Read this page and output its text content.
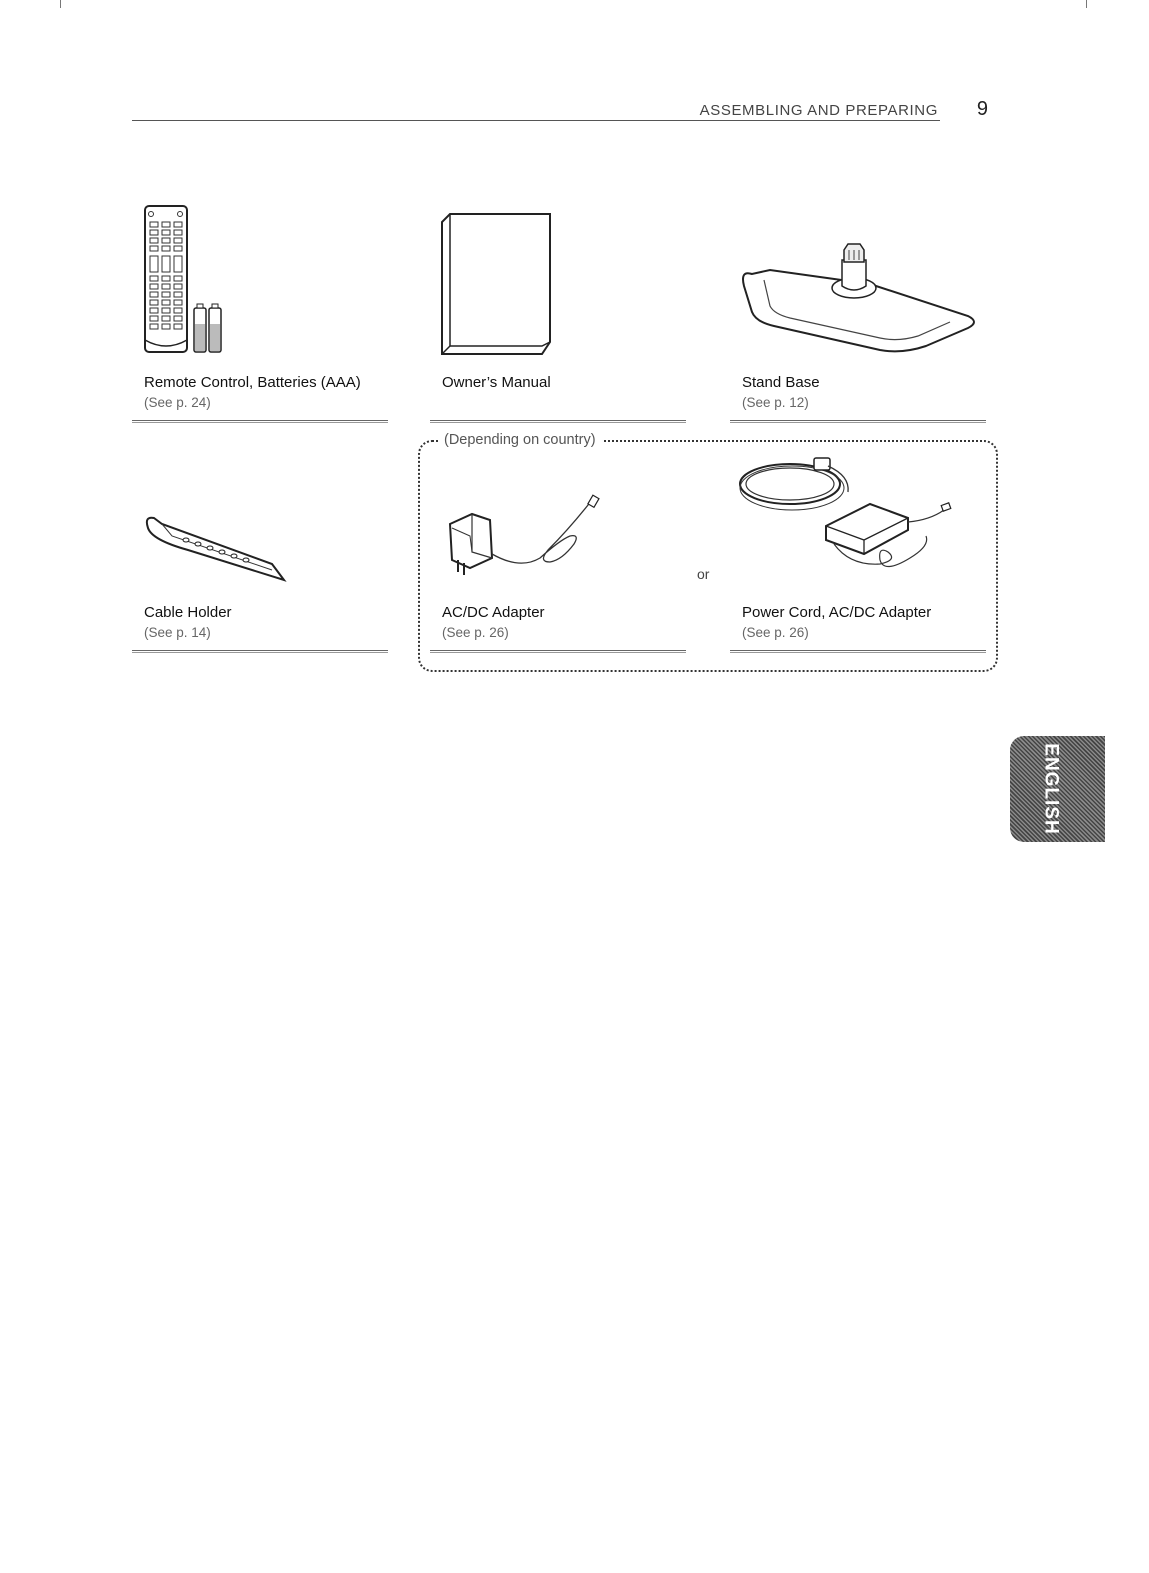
ASSEMBLING AND PREPARING 9
Remote Control, Batteries (AAA)
(See p. 24)
Owner’s Manual	Stand Base
(See p. 12)
(Depending on country)
or
Cable Holder
(See p. 14)
AC/DC Adapter
(See p. 26)
Power Cord, AC/DC Adapter
(See p. 26)
ENGLISH
